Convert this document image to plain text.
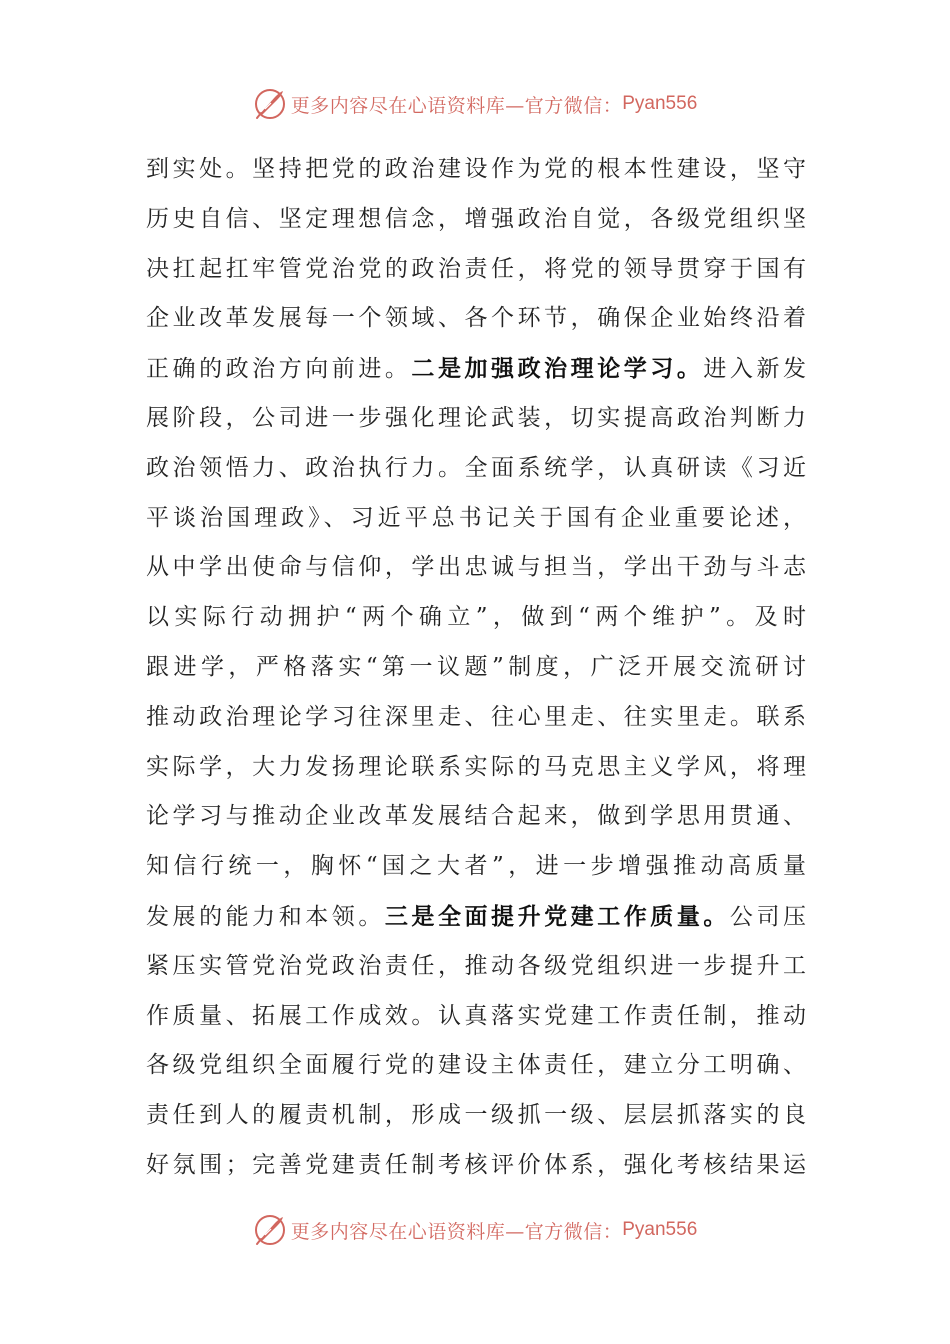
更多内容尽在心语资料库—官方微信： Pyan556
到实处。坚持把党的政治建设作为党的根本性建设，坚守
历史自信、坚定理想信念，增强政治自觉，各级党组织坚
决扛起扛牢管党治党的政治责任，将党的领导贯穿于国有
企业改革发展每一个领域、各个环节，确保企业始终沿着
正确的政治方向前进。二是加强政治理论学习。进入新发
展阶段，公司进一步强化理论武装，切实提高政治判断力
政治领悟力、政治执行力。全面系统学，认真研读《习近
平谈治国理政》、习近平总书记关于国有企业重要论述，
从中学出使命与信仰，学出忠诚与担当，学出干劲与斗志
以实际行动拥护“两个确立”，做到“两个维护”。及时
跟进学，严格落实“第一议题”制度，广泛开展交流研讨
推动政治理论学习往深里走、往心里走、往实里走。联系
实际学，大力发扬理论联系实际的马克思主义学风，将理
论学习与推动企业改革发展结合起来，做到学思用贯通、
知信行统一，胸怀“国之大者”，进一步增强推动高质量
发展的能力和本领。三是全面提升党建工作质量。公司压
紧压实管党治党政治责任，推动各级党组织进一步提升工
作质量、拓展工作成效。认真落实党建工作责任制，推动
各级党组织全面履行党的建设主体责任，建立分工明确、
责任到人的履责机制，形成一级抓一级、层层抓落实的良
好氛围；完善党建责任制考核评价体系，强化考核结果运
更多内容尽在心语资料库—官方微信： Pyan556
